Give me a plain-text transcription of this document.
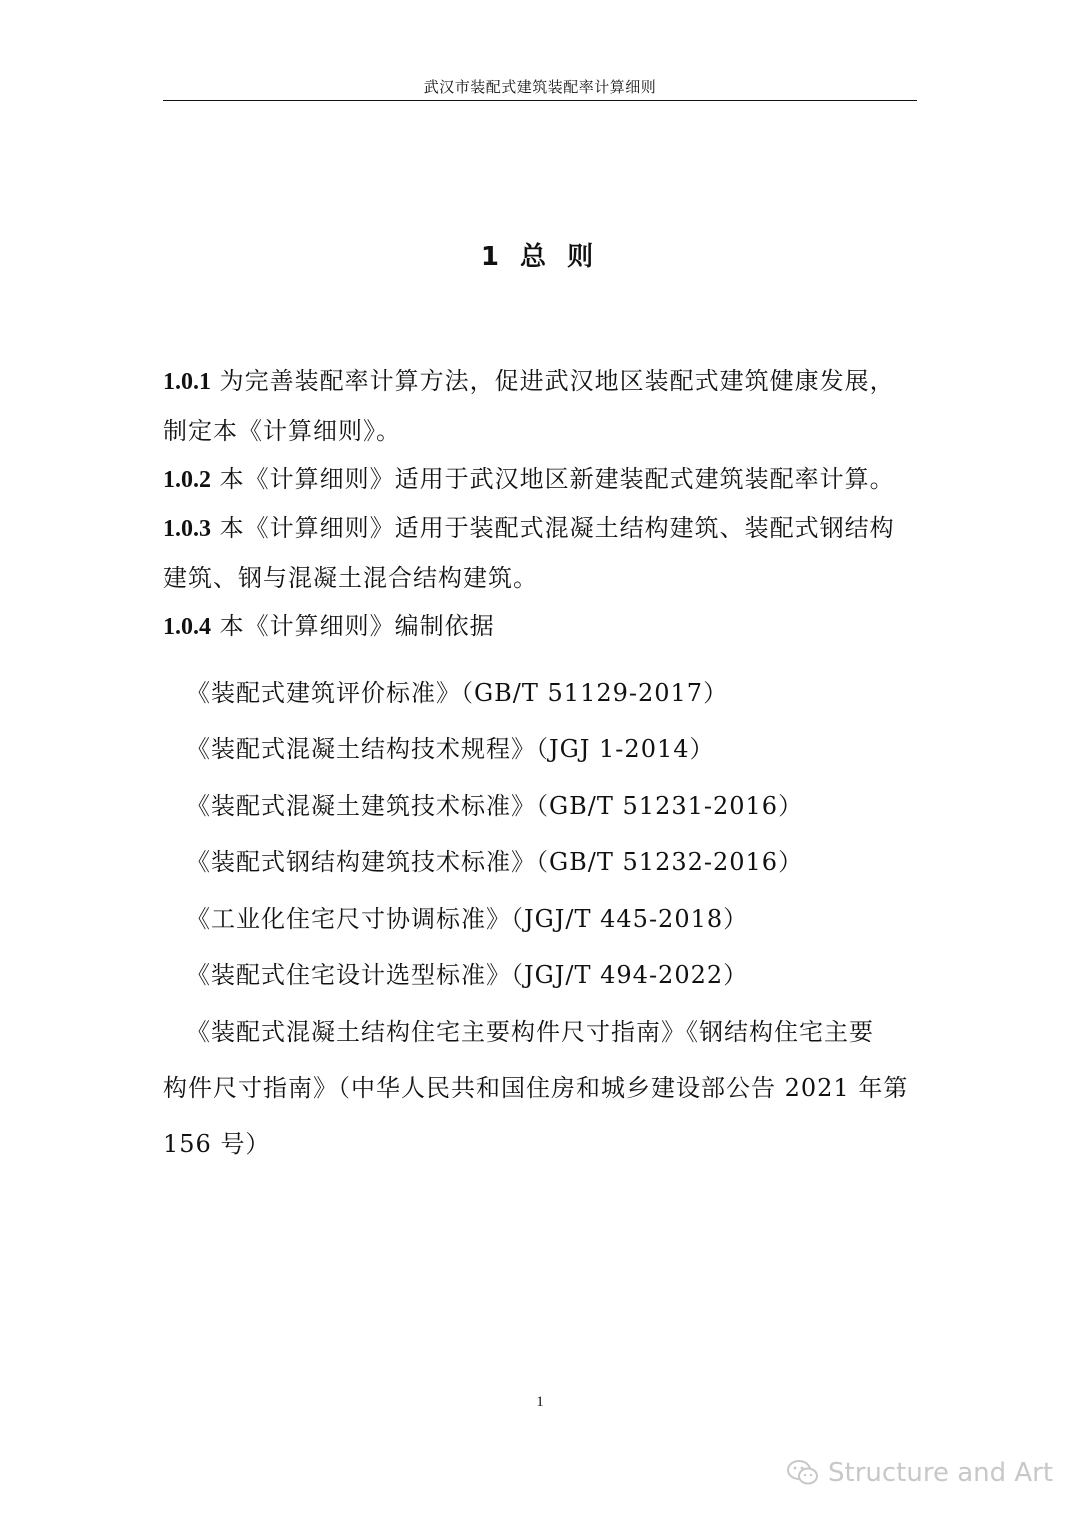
武汉市装配式建筑装配率计算细则
1 总 则
1.0.1 为完善装配率计算方法，促进武汉地区装配式建筑健康发展，
制定本《计算细则》。
1.0.2 本《计算细则》适用于武汉地区新建装配式建筑装配率计算。
1.0.3 本《计算细则》适用于装配式混凝土结构建筑、装配式钢结构
建筑、钢与混凝土混合结构建筑。
1.0.4 本《计算细则》编制依据
《装配式建筑评价标准》（GB/T 51129-2017）
《装配式混凝土结构技术规程》（JGJ 1-2014）
《装配式混凝土建筑技术标准》（GB/T 51231-2016）
《装配式钢结构建筑技术标准》（GB/T 51232-2016）
《工业化住宅尺寸协调标准》（JGJ/T 445-2018）
《装配式住宅设计选型标准》（JGJ/T 494-2022）
《装配式混凝土结构住宅主要构件尺寸指南》《钢结构住宅主要
构件尺寸指南》（中华人民共和国住房和城乡建设部公告 2021 年第
156 号）
1
Structure and Art
